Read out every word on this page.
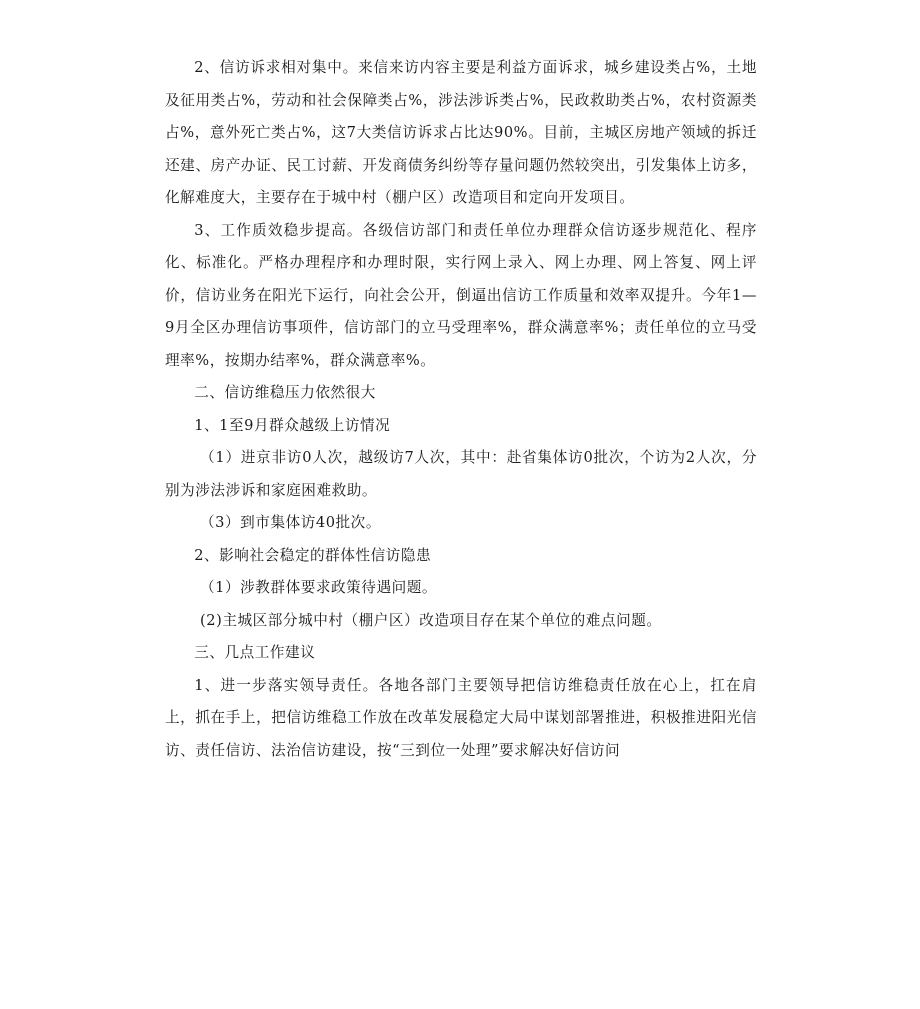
2、信访诉求相对集中。来信来访内容主要是利益方面诉求，城乡建设类占%，土地及征用类占%，劳动和社会保障类占%，涉法涉诉类占%，民政救助类占%，农村资源类占%，意外死亡类占%，这7大类信访诉求占比达90%。目前，主城区房地产领域的拆迁还建、房产办证、民工讨薪、开发商债务纠纷等存量问题仍然较突出，引发集体上访多，化解难度大，主要存在于城中村（棚户区）改造项目和定向开发项目。

3、工作质效稳步提高。各级信访部门和责任单位办理群众信访逐步规范化、程序化、标准化。严格办理程序和办理时限，实行网上录入、网上办理、网上答复、网上评价，信访业务在阳光下运行，向社会公开，倒逼出信访工作质量和效率双提升。今年1—9月全区办理信访事项件，信访部门的立马受理率%，群众满意率%；责任单位的立马受理率%，按期办结率%，群众满意率%。

二、信访维稳压力依然很大

1、1至9月群众越级上访情况

（1）进京非访0人次，越级访7人次，其中：赴省集体访0批次，个访为2人次，分别为涉法涉诉和家庭困难救助。

（3）到市集体访40批次。

2、影响社会稳定的群体性信访隐患

（1）涉教群体要求政策待遇问题。

(2)主城区部分城中村（棚户区）改造项目存在某个单位的难点问题。

三、几点工作建议

1、进一步落实领导责任。各地各部门主要领导把信访维稳责任放在心上，扛在肩上，抓在手上，把信访维稳工作放在改革发展稳定大局中谋划部署推进，积极推进阳光信访、责任信访、法治信访建设，按“三到位一处理”要求解决好信访问
